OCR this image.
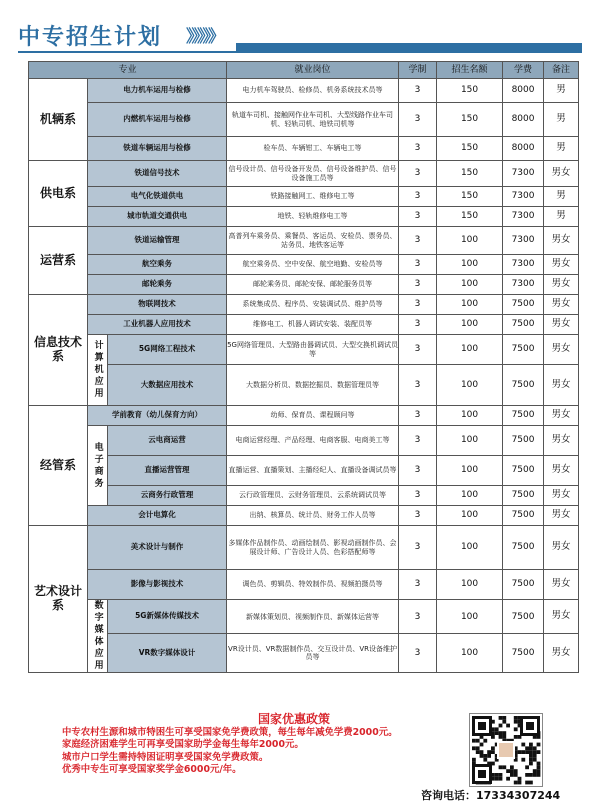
中专招生计划 》》》》》
专业			就业岗位	学制	招生名额	学费	备注
机辆系	电力机车运用与检修		电力机车驾驶员、检修员、机务系统技术员等	3	150	8000	男
	内燃机车运用与检修		轨道车司机、接触网作业车司机、大型线路作业车司机、轻轨司机、地铁司机等	3	150	8000	男
	铁道车辆运用与检修		检车员、车辆钳工、车辆电工等	3	150	8000	男
供电系	铁道信号技术		信号设计员、信号设备开发员、信号设备维护员、信号设备施工员等	3	150	7300	男女
	电气化铁道供电		铁路接触网工、维修电工等	3	150	7300	男
	城市轨道交通供电		地铁、轻轨维修电工等	3	150	7300	男
运营系	铁道运输管理		高普列车乘务员、乘餐员、客运员、安检员、票务员、站务员、地铁客运等	3	100	7300	男女
	航空乘务		航空乘务员、空中安保、航空地勤、安检员等	3	100	7300	男女
	邮轮乘务		邮轮乘务员、邮轮安保、邮轮服务员等	3	100	7300	男女
信息技术系	物联网技术		系统集成员、程序员、安装调试员、维护员等	3	100	7500	男女
	工业机器人应用技术		维修电工、机器人调试安装、装配员等	3	100	7500	男女
	计算机应用	5G网络工程技术	5G网络管理员、大型路由器调试员、大型交换机调试员等	3	100	7500	男女
		大数据应用技术	大数据分析员、数据挖掘员、数据管理员等	3	100	7500	男女
经管系	学前教育（幼儿保育方向）		幼师、保育员、课程顾问等	3	100	7500	男女
	电子商务	云电商运营	电商运营经理、产品经理、电商客服、电商美工等	3	100	7500	男女
		直播运营管理	直播运营、直播策划、主播经纪人、直播设备调试员等	3	100	7500	男女
		云商务行政管理	云行政管理员、云财务管理员、云系统调试员等	3	100	7500	男女
	会计电算化		出纳、核算员、统计员、财务工作人员等	3	100	7500	男女
艺术设计系	美术设计与制作		多媒体作品制作员、动画绘制员、影视动画制作员、会展设计师、广告设计人员、色彩搭配师等	3	100	7500	男女
	影像与影视技术		调色员、剪辑员、特效制作员、视频拍摄员等	3	100	7500	男女
	数字媒体应用	5G新媒体传媒技术	新媒体策划员、视频制作员、新媒体运营等	3	100	7500	男女
		VR数字媒体设计	VR设计员、VR数据制作员、交互设计员、VR设备维护员等	3	100	7500	男女
国家优惠政策
中专农村生源和城市特困生可享受国家免学费政策，每生每年减免学费2000元。
家庭经济困难学生可再享受国家助学金每生每年2000元。
城市户口学生需持特困证明享受国家免学费政策。
优秀中专生可享受国家奖学金6000元/年。
咨询电话：17334307244
